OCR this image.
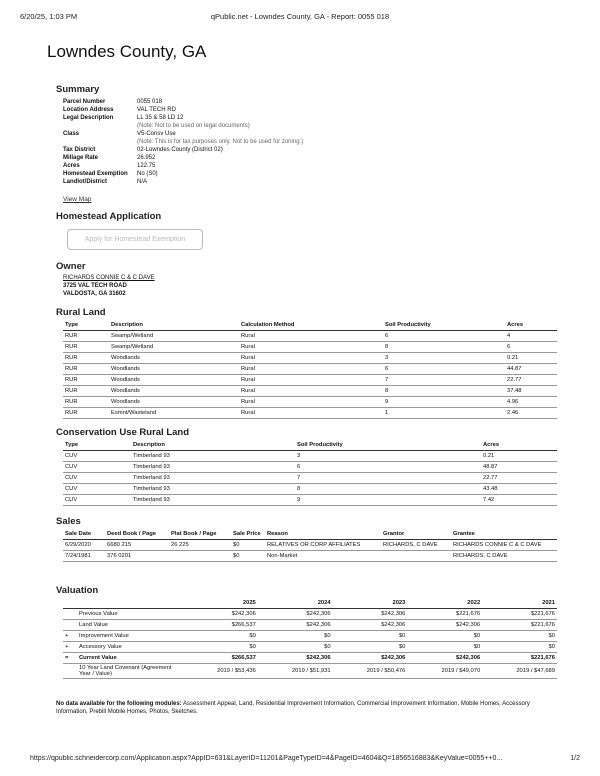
6/20/25, 1:03 PM	qPublic.net - Lowndes County, GA - Report: 0055 018
Lowndes County, GA
Summary
Parcel Number	0055 018
Location Address	VAL TECH RD
Legal Description	LL 35 & 58 LD 12
(Note: Not to be used on legal documents)
Class	V5-Consv Use
(Note: This is for tax purposes only. Not to be used for zoning.)
Tax District	02-Lowndes County (District 02)
Millage Rate	26.952
Acres	122.75
Homestead Exemption	No (S0)
Landlot/District	N/A
View Map
Homestead Application
Apply for Homestead Exemption
Owner
RICHARDS CONNIE C & C DAVE
3725 VAL TECH ROAD
VALDOSTA, GA 31602
Rural Land
Type	Description	Calculation Method	Soil Productivity	Acres
RUR	Swamp/Wetland	Rural	6	4
RUR	Swamp/Wetland	Rural	8	6
RUR	Woodlands	Rural	3	0.21
RUR	Woodlands	Rural	6	44.87
RUR	Woodlands	Rural	7	22.77
RUR	Woodlands	Rural	8	37.48
RUR	Woodlands	Rural	9	4.96
RUR	Esmnt/Wasteland	Rural	1	2.46
Conservation Use Rural Land
Type	Description	Soil Productivity	Acres
CUV	Timberland 93	3	0.21
CUV	Timberland 93	6	48.87
CUV	Timberland 93	7	22.77
CUV	Timberland 93	8	43.48
CUV	Timberland 93	9	7.42
Sales
Sale Date	Deed Book / Page	Plat Book / Page	Sale Price	Reason	Grantor	Grantee
6/29/2020	6680 215	26 225	$0	RELATIVES OR CORP AFFILIATES	RICHARDS, C DAVE	RICHARDS CONNIE C & C DAVE
7/24/1981	376 0201		$0	Non-Market		RICHARDS, C DAVE
Valuation
		2025	2024	2023	2022	2021
	Previous Value	$242,306	$242,306	$242,306	$221,676	$221,676
	Land Value	$266,537	$242,306	$242,306	$242,306	$221,676
+	Improvement Value	$0	$0	$0	$0	$0
+	Accessory Value	$0	$0	$0	$0	$0
=	Current Value	$266,537	$242,306	$242,306	$242,306	$221,676
	10 Year Land Covenant (Agreement Year / Value)	2019 / $53,436	2019 / $51,931	2019 / $50,476	2019 / $49,070	2019 / $47,689
No data available for the following modules: Assessment Appeal, Land, Residential Improvement Information, Commercial Improvement Information, Mobile Homes, Accessory Information, Prebill Mobile Homes, Photos, Sketches.
https://qpublic.schneidercorp.com/Application.aspx?AppID=631&LayerID=11201&PageTypeID=4&PageID=4604&Q=1856516883&KeyValue=0055++0...	1/2
